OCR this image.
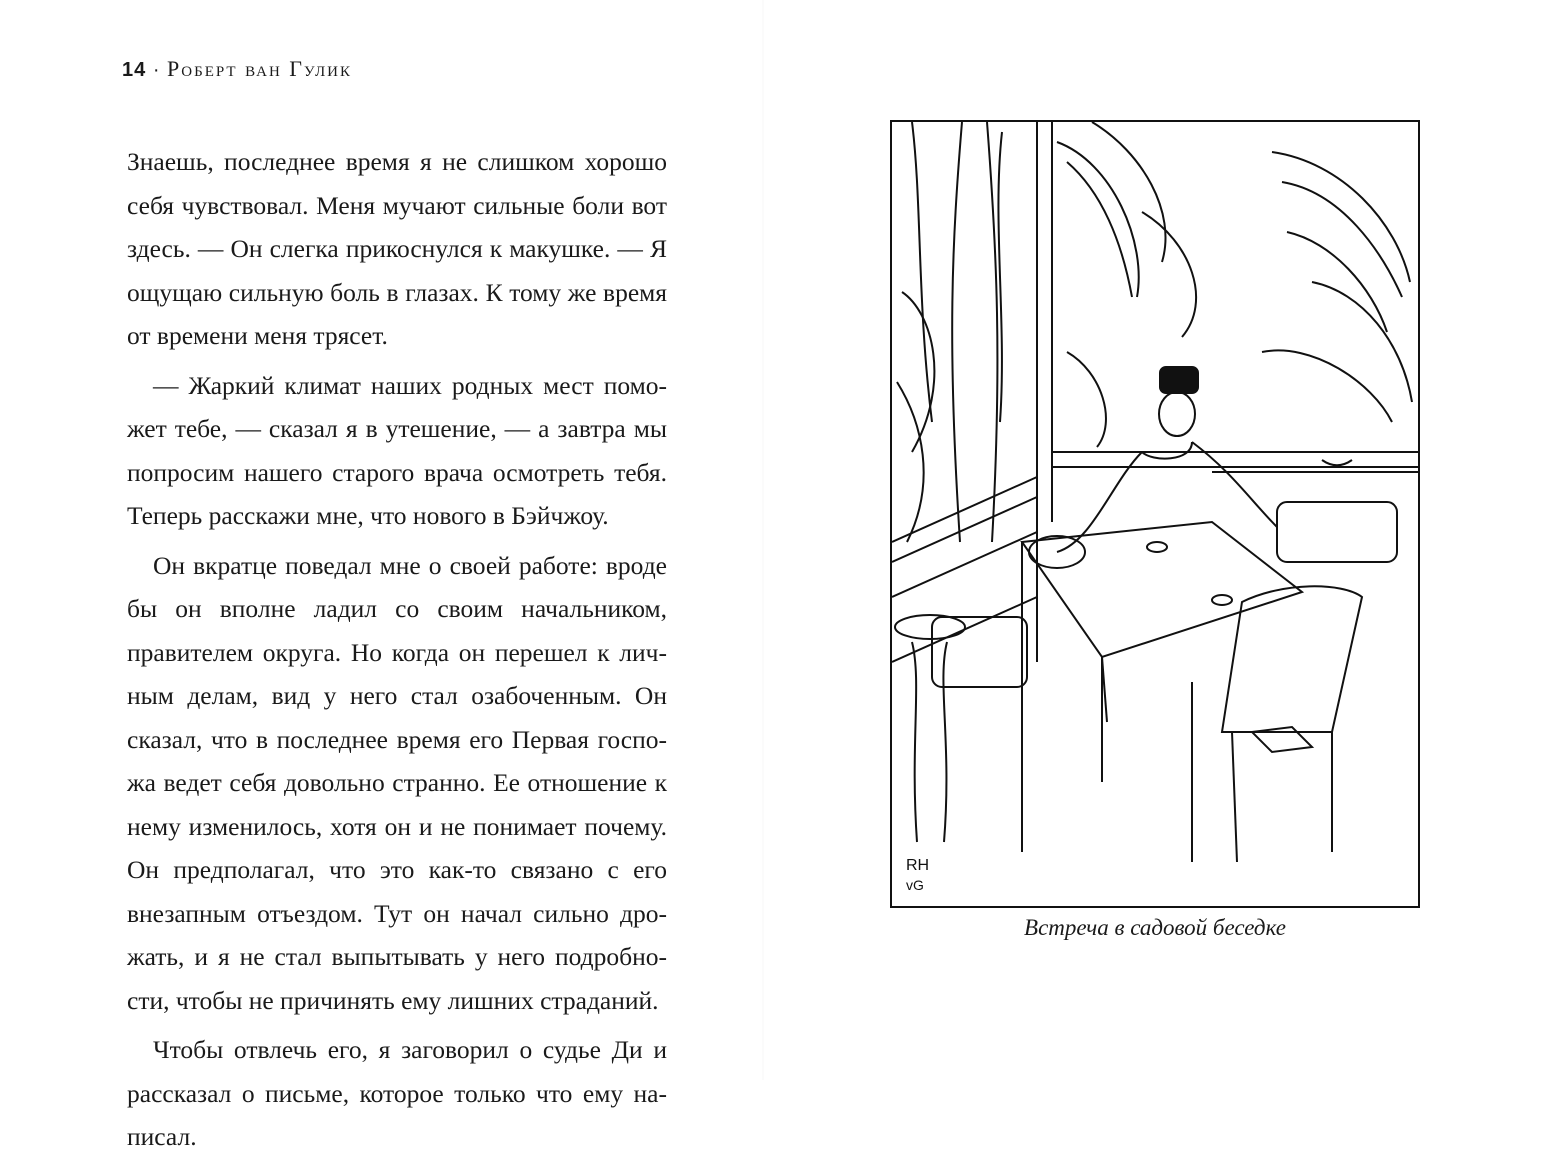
14 · Роберт ван Гулик

Знаешь, последнее время я не слишком хорошо себя чувствовал. Меня мучают сильные боли вот здесь. — Он слегка прикоснулся к макушке. — Я ощущаю сильную боль в глазах. К тому же время от времени меня трясет.

— Жаркий климат наших родных мест поможет тебе, — сказал я в утешение, — а завтра мы попросим нашего старого врача осмотреть тебя. Теперь расскажи мне, что нового в Бэйчжоу.

Он вкратце поведал мне о своей работе: вроде бы он вполне ладил со своим начальником, правителем округа. Но когда он перешел к личным делам, вид у него стал озабоченным. Он сказал, что в последнее время его Первая госпожа ведет себя довольно странно. Ее отношение к нему изменилось, хотя он и не понимает почему. Он предполагал, что это как-то связано с его внезапным отъездом. Тут он начал сильно дрожать, и я не стал выпытывать у него подробности, чтобы не причинять ему лишних страданий.

Чтобы отвлечь его, я заговорил о судье Ди и рассказал о письме, которое только что ему написал.

RH
vG
Встреча в садовой беседке
